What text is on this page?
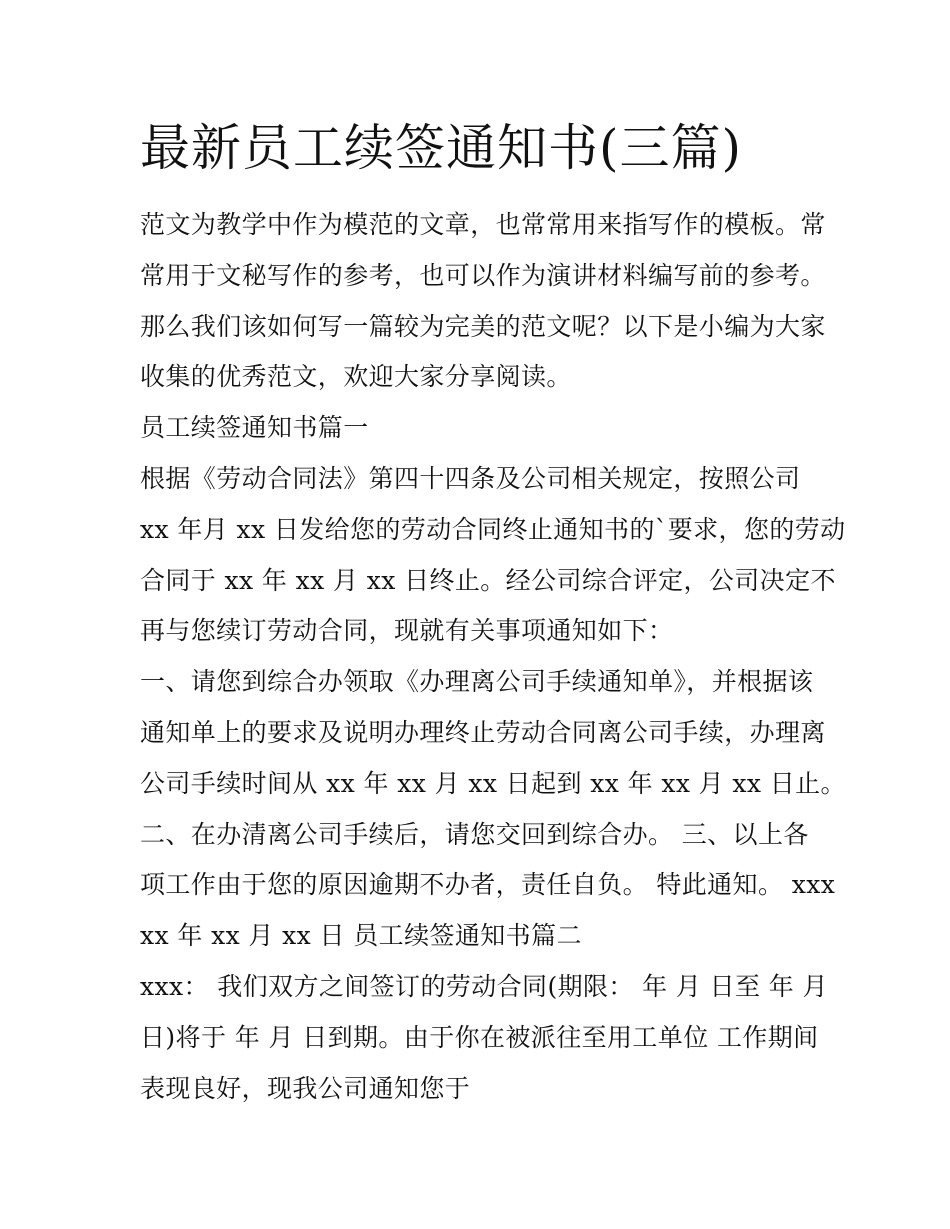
最新员工续签通知书(三篇)
范文为教学中作为模范的文章，也常常用来指写作的模板。常
常用于文秘写作的参考，也可以作为演讲材料编写前的参考。
那么我们该如何写一篇较为完美的范文呢？以下是小编为大家
收集的优秀范文，欢迎大家分享阅读。
员工续签通知书篇一
根据《劳动合同法》第四十四条及公司相关规定，按照公司
xx 年月 xx 日发给您的劳动合同终止通知书的`要求，您的劳动
合同于 xx 年 xx 月 xx 日终止。经公司综合评定，公司决定不
再与您续订劳动合同，现就有关事项通知如下：
一、请您到综合办领取《办理离公司手续通知单》，并根据该
通知单上的要求及说明办理终止劳动合同离公司手续，办理离
公司手续时间从 xx 年 xx 月 xx 日起到 xx 年 xx 月 xx 日止。
二、在办清离公司手续后，请您交回到综合办。 三、以上各
项工作由于您的原因逾期不办者，责任自负。 特此通知。 xxx
xx 年 xx 月 xx 日 员工续签通知书篇二
xxx： 我们双方之间签订的劳动合同(期限： 年 月 日至 年 月
日)将于 年 月 日到期。由于你在被派往至用工单位 工作期间
表现良好，现我公司通知您于
